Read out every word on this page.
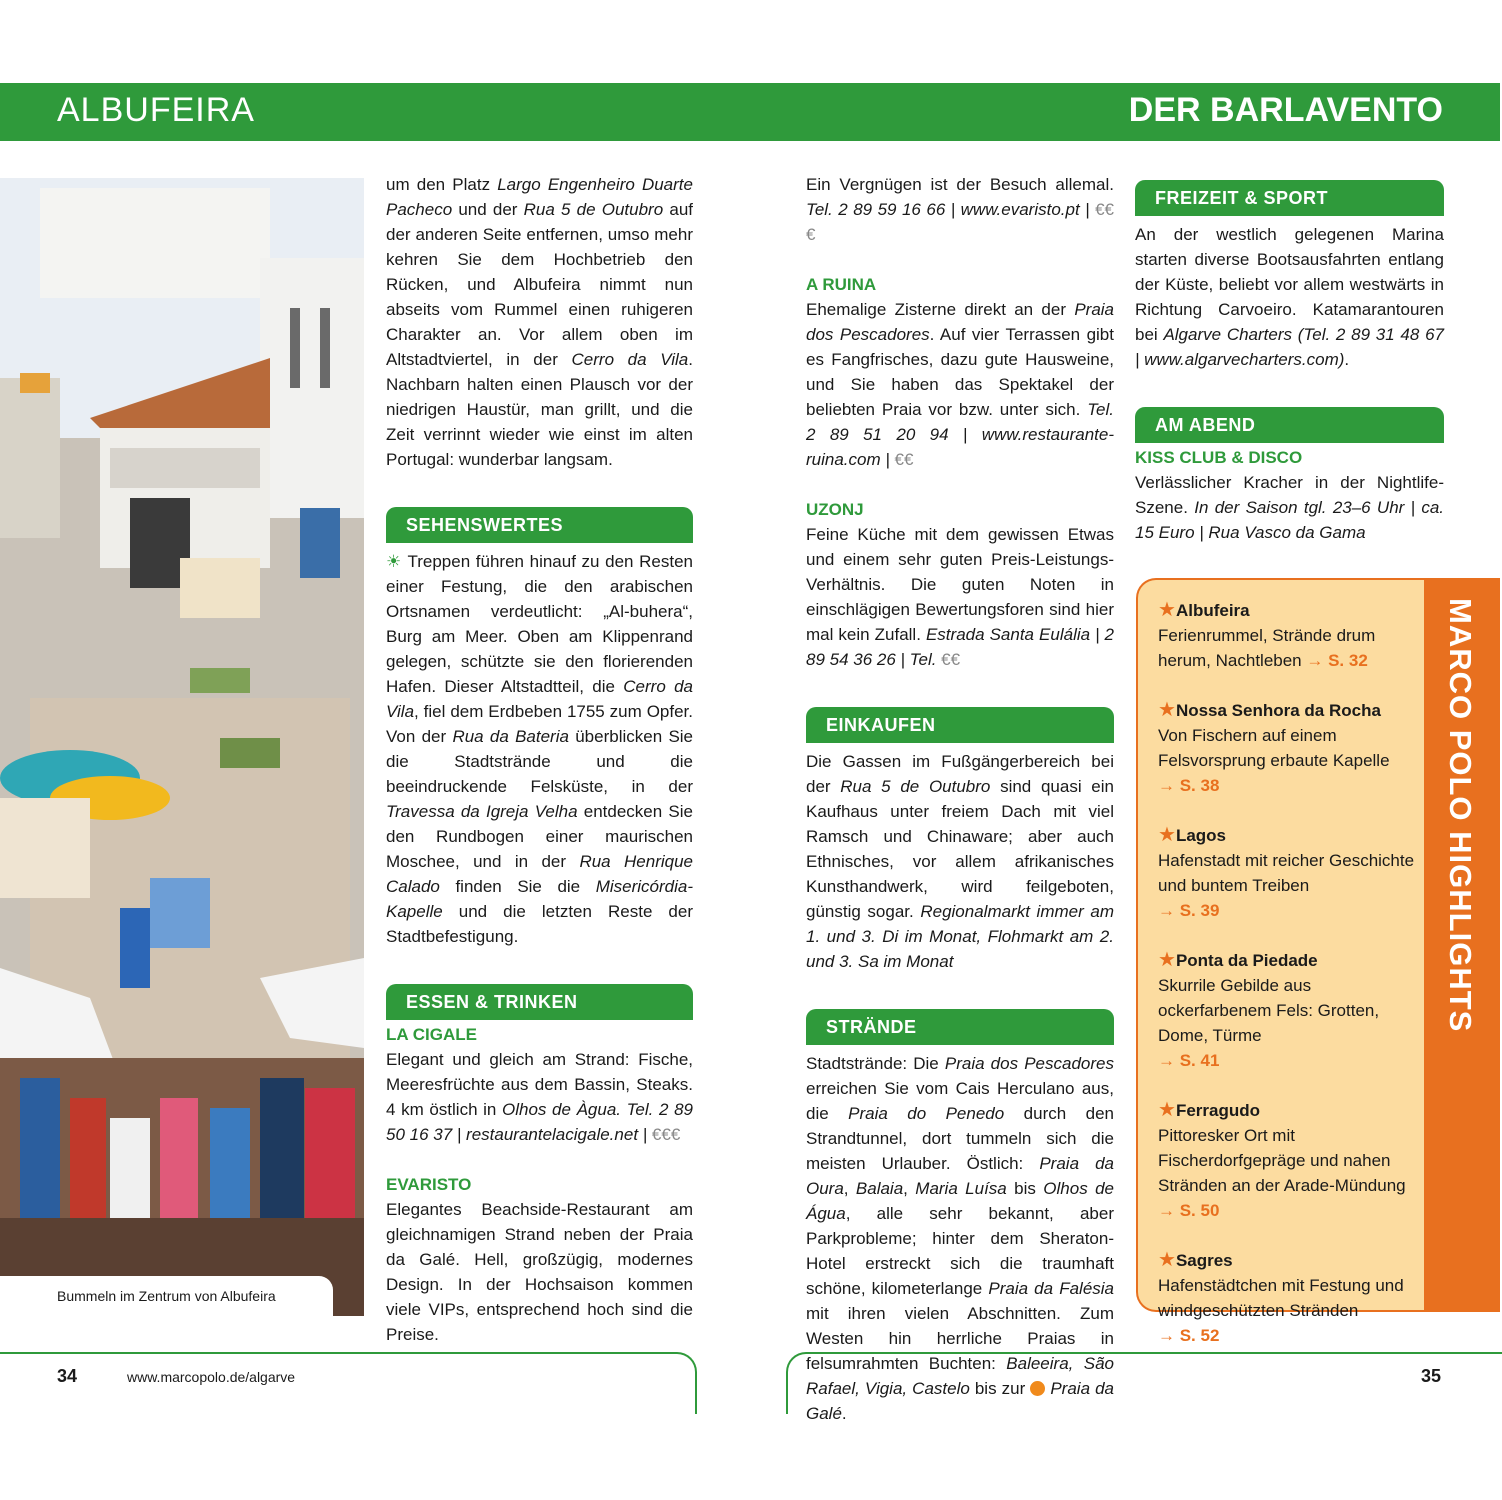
ALBUFEIRA	DER BARLAVENTO
Bummeln im Zentrum von Albufeira

um den Platz Largo Engenheiro Duarte Pacheco und der Rua 5 de Outubro auf der anderen Seite entfernen, umso mehr kehren Sie dem Hochbetrieb den Rücken, und Albufeira nimmt nun abseits vom Rummel einen ruhigeren Charakter an. Vor allem oben im Altstadtviertel, in der Cerro da Vila. Nachbarn halten einen Plausch vor der niedrigen Haustür, man grillt, und die Zeit verrinnt wieder wie einst im alten Portugal: wunderbar langsam.

SEHENSWERTES

☀ Treppen führen hinauf zu den Resten einer Festung, die den arabischen Ortsnamen verdeutlicht: „Al-buhera“, Burg am Meer. Oben am Klippenrand gelegen, schützte sie den florierenden Hafen. Dieser Altstadtteil, die Cerro da Vila, fiel dem Erdbeben 1755 zum Opfer. Von der Rua da Bateria überblicken Sie die Stadtstrände und die beeindruckende Felsküste, in der Travessa da Igreja Velha entdecken Sie den Rundbogen einer maurischen Moschee, und in der Rua Henrique Calado finden Sie die Misericórdia-Kapelle und die letzten Reste der Stadtbefestigung.

ESSEN & TRINKEN
LA CIGALE

Elegant und gleich am Strand: Fische, Meeresfrüchte aus dem Bassin, Steaks. 4 km östlich in Olhos de Àgua. Tel. 2 89 50 16 37 | restaurantelacigale.net | €€€

EVARISTO

Elegantes Beachside-Restaurant am gleichnamigen Strand neben der Praia da Galé. Hell, großzügig, modernes Design. In der Hochsaison kommen viele VIPs, entsprechend hoch sind die Preise.

Ein Vergnügen ist der Besuch allemal. Tel. 2 89 59 16 66 | www.evaristo.pt | €€€

A RUINA

Ehemalige Zisterne direkt an der Praia dos Pescadores. Auf vier Terrassen gibt es Fangfrisches, dazu gute Hausweine, und Sie haben das Spektakel der beliebten Praia vor bzw. unter sich. Tel. 2 89 51 20 94 | www.restaurante-ruina.com | €€

UZONJ

Feine Küche mit dem gewissen Etwas und einem sehr guten Preis-Leistungs-Verhältnis. Die guten Noten in einschlägigen Bewertungsforen sind hier mal kein Zufall. Estrada Santa Eulália | 2 89 54 36 26 | Tel. €€

EINKAUFEN

Die Gassen im Fußgängerbereich bei der Rua 5 de Outubro sind quasi ein Kaufhaus unter freiem Dach mit viel Ramsch und Chinaware; aber auch Ethnisches, vor allem afrikanisches Kunsthandwerk, wird feilgeboten, günstig sogar. Regionalmarkt immer am 1. und 3. Di im Monat, Flohmarkt am 2. und 3. Sa im Monat

STRÄNDE

Stadtstrände: Die Praia dos Pescadores erreichen Sie vom Cais Herculano aus, die Praia do Penedo durch den Strandtunnel, dort tummeln sich die meisten Urlauber. Östlich: Praia da Oura, Balaia, Maria Luísa bis Olhos de Água, alle sehr bekannt, aber Parkprobleme; hinter dem Sheraton-Hotel erstreckt sich die traumhaft schöne, kilometerlange Praia da Falésia mit ihren vielen Abschnitten. Zum Westen hin herrliche Praias in felsumrahmten Buchten: Baleeira, São Rafael, Vigia, Castelo bis zur  Praia da Galé.

FREIZEIT & SPORT

An der westlich gelegenen Marina starten diverse Bootsausfahrten entlang der Küste, beliebt vor allem westwärts in Richtung Carvoeiro. Katamarantouren bei Algarve Charters (Tel. 2 89 31 48 67 | www.algarvecharters.com).

AM ABEND
KISS CLUB & DISCO

Verlässlicher Kracher in der Nightlife-Szene. In der Saison tgl. 23–6 Uhr | ca. 15 Euro | Rua Vasco da Gama

MARCO POLO HIGHLIGHTS
★Albufeira
Ferienrummel, Strände drum herum, Nachtleben → S. 32
★Nossa Senhora da Rocha
Von Fischern auf einem Felsvorsprung erbaute Kapelle
→ S. 38
★Lagos
Hafenstadt mit reicher Geschichte und buntem Treiben
→ S. 39
★Ponta da Piedade
Skurrile Gebilde aus ockerfarbenem Fels: Grotten, Dome, Türme
→ S. 41
★Ferragudo
Pittoresker Ort mit Fischerdorfgepräge und nahen Stränden an der Arade-Mündung → S. 50
★Sagres
Hafenstädtchen mit Festung und windgeschützten Stränden
→ S. 52
34	www.marcopolo.de/algarve	35
